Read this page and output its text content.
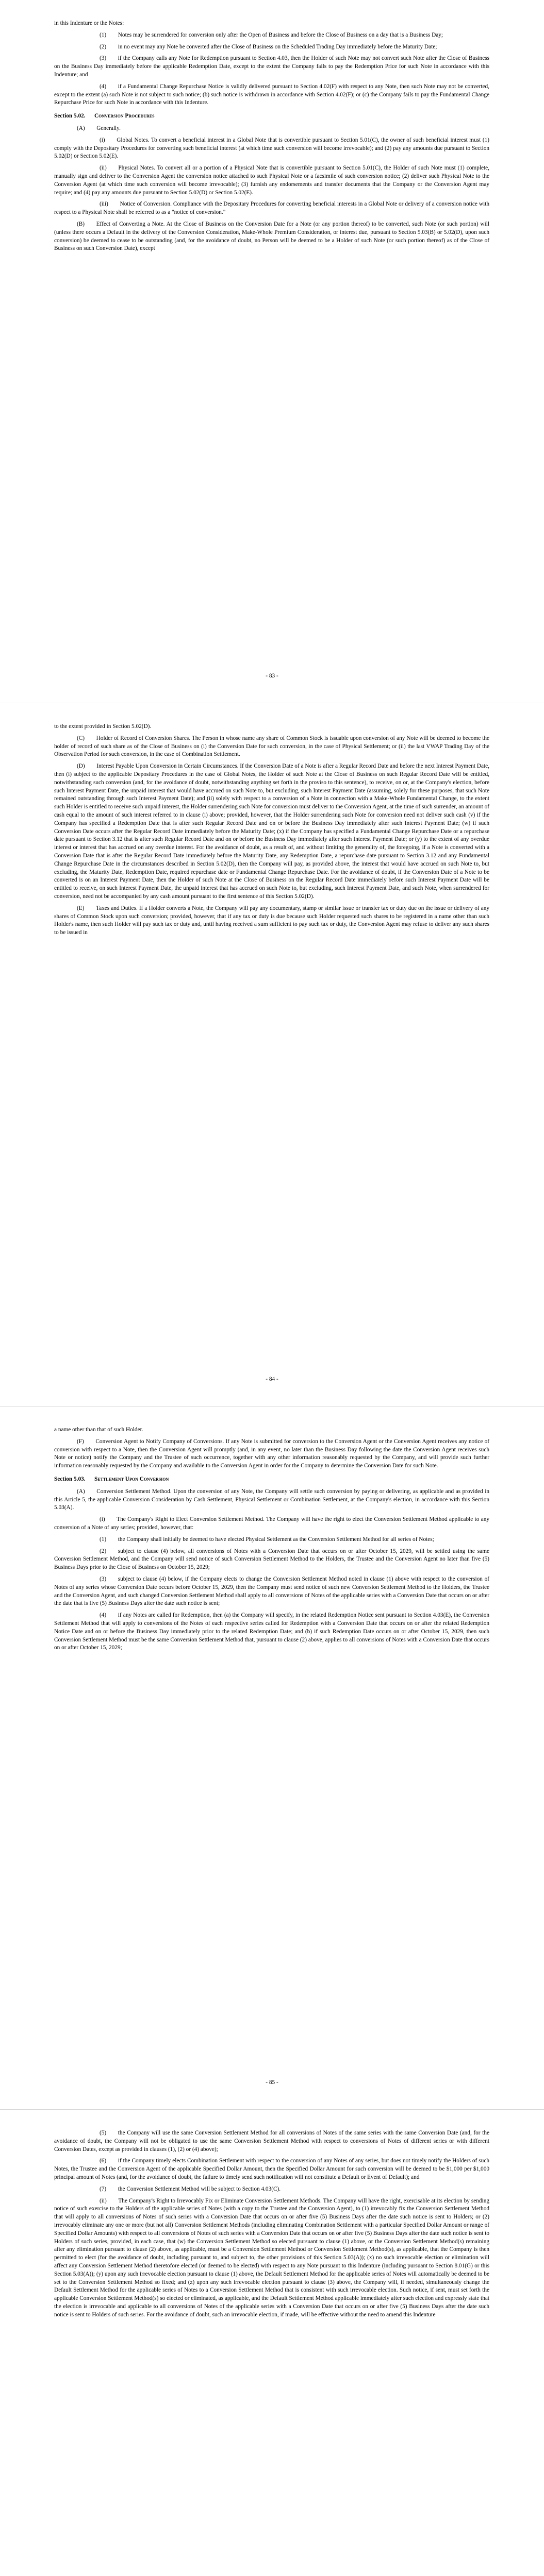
in this Indenture or the Notes:

(1)  Notes may be surrendered for conversion only after the Open of Business and before the Close of Business on a day that is a Business Day;

(2)  in no event may any Note be converted after the Close of Business on the Scheduled Trading Day immediately before the Maturity Date;

(3)  if the Company calls any Note for Redemption pursuant to Section 4.03, then the Holder of such Note may not convert such Note after the Close of Business on the Business Day immediately before the applicable Redemption Date, except to the extent the Company fails to pay the Redemption Price for such Note in accordance with this Indenture; and

(4)  if a Fundamental Change Repurchase Notice is validly delivered pursuant to Section 4.02(F) with respect to any Note, then such Note may not be converted, except to the extent (a) such Note is not subject to such notice; (b) such notice is withdrawn in accordance with Section 4.02(F); or (c) the Company fails to pay the Fundamental Change Repurchase Price for such Note in accordance with this Indenture.

Section 5.02. Conversion Procedures

(A)  Generally.

(i)  Global Notes. To convert a beneficial interest in a Global Note that is convertible pursuant to Section 5.01(C), the owner of such beneficial interest must (1) comply with the Depositary Procedures for converting such beneficial interest (at which time such conversion will become irrevocable); and (2) pay any amounts due pursuant to Section 5.02(D) or Section 5.02(E).

(ii)  Physical Notes. To convert all or a portion of a Physical Note that is convertible pursuant to Section 5.01(C), the Holder of such Note must (1) complete, manually sign and deliver to the Conversion Agent the conversion notice attached to such Physical Note or a facsimile of such conversion notice; (2) deliver such Physical Note to the Conversion Agent (at which time such conversion will become irrevocable); (3) furnish any endorsements and transfer documents that the Company or the Conversion Agent may require; and (4) pay any amounts due pursuant to Section 5.02(D) or Section 5.02(E).

(iii)  Notice of Conversion. Compliance with the Depositary Procedures for converting beneficial interests in a Global Note or delivery of a conversion notice with respect to a Physical Note shall be referred to as a "notice of conversion."

(B)  Effect of Converting a Note. At the Close of Business on the Conversion Date for a Note (or any portion thereof) to be converted, such Note (or such portion) will (unless there occurs a Default in the delivery of the Conversion Consideration, Make-Whole Premium Consideration, or interest due, pursuant to Section 5.03(B) or 5.02(D), upon such conversion) be deemed to cease to be outstanding (and, for the avoidance of doubt, no Person will be deemed to be a Holder of such Note (or such portion thereof) as of the Close of Business on such Conversion Date), except

- 83 -

to the extent provided in Section 5.02(D).

(C)  Holder of Record of Conversion Shares. The Person in whose name any share of Common Stock is issuable upon conversion of any Note will be deemed to become the holder of record of such share as of the Close of Business on (i) the Conversion Date for such conversion, in the case of Physical Settlement; or (ii) the last VWAP Trading Day of the Observation Period for such conversion, in the case of Combination Settlement.

(D)  Interest Payable Upon Conversion in Certain Circumstances. If the Conversion Date of a Note is after a Regular Record Date and before the next Interest Payment Date, then (i) subject to the applicable Depositary Procedures in the case of Global Notes, the Holder of such Note at the Close of Business on such Regular Record Date will be entitled, notwithstanding such conversion (and, for the avoidance of doubt, notwithstanding anything set forth in the proviso to this sentence), to receive, on or, at the Company's election, before such Interest Payment Date, the unpaid interest that would have accrued on such Note to, but excluding, such Interest Payment Date (assuming, solely for these purposes, that such Note remained outstanding through such Interest Payment Date); and (ii) solely with respect to a conversion of a Note in connection with a Make-Whole Fundamental Change, to the extent such Holder is entitled to receive such unpaid interest, the Holder surrendering such Note for conversion must deliver to the Conversion Agent, at the time of such surrender, an amount of cash equal to the amount of such interest referred to in clause (i) above; provided, however, that the Holder surrendering such Note for conversion need not deliver such cash (v) if the Company has specified a Redemption Date that is after such Regular Record Date and on or before the Business Day immediately after such Interest Payment Date; (w) if such Conversion Date occurs after the Regular Record Date immediately before the Maturity Date; (x) if the Company has specified a Fundamental Change Repurchase Date or a repurchase date pursuant to Section 3.12 that is after such Regular Record Date and on or before the Business Day immediately after such Interest Payment Date; or (y) to the extent of any overdue interest or interest that has accrued on any overdue interest. For the avoidance of doubt, as a result of, and without limiting the generality of, the foregoing, if a Note is converted with a Conversion Date that is after the Regular Record Date immediately before the Maturity Date, any Redemption Date, a repurchase date pursuant to Section 3.12 and any Fundamental Change Repurchase Date in the circumstances described in Section 5.02(D), then the Company will pay, as provided above, the interest that would have accrued on such Note to, but excluding, the Maturity Date, Redemption Date, required repurchase date or Fundamental Change Repurchase Date. For the avoidance of doubt, if the Conversion Date of a Note to be converted is on an Interest Payment Date, then the Holder of such Note at the Close of Business on the Regular Record Date immediately before such Interest Payment Date will be entitled to receive, on such Interest Payment Date, the unpaid interest that has accrued on such Note to, but excluding, such Interest Payment Date, and such Note, when surrendered for conversion, need not be accompanied by any cash amount pursuant to the first sentence of this Section 5.02(D).

(E)  Taxes and Duties. If a Holder converts a Note, the Company will pay any documentary, stamp or similar issue or transfer tax or duty due on the issue or delivery of any shares of Common Stock upon such conversion; provided, however, that if any tax or duty is due because such Holder requested such shares to be registered in a name other than such Holder's name, then such Holder will pay such tax or duty and, until having received a sum sufficient to pay such tax or duty, the Conversion Agent may refuse to deliver any such shares to be issued in

- 84 -

a name other than that of such Holder.

(F)  Conversion Agent to Notify Company of Conversions. If any Note is submitted for conversion to the Conversion Agent or the Conversion Agent receives any notice of conversion with respect to a Note, then the Conversion Agent will promptly (and, in any event, no later than the Business Day following the date the Conversion Agent receives such Note or notice) notify the Company and the Trustee of such occurrence, together with any other information reasonably requested by the Company, and will provide such further information reasonably requested by the Company and available to the Conversion Agent in order for the Company to determine the Conversion Date for such Note.

Section 5.03. Settlement Upon Conversion

(A)  Conversion Settlement Method. Upon the conversion of any Note, the Company will settle such conversion by paying or delivering, as applicable and as provided in this Article 5, the applicable Conversion Consideration by Cash Settlement, Physical Settlement or Combination Settlement, at the Company's election, in accordance with this Section 5.03(A).

(i)  The Company's Right to Elect Conversion Settlement Method. The Company will have the right to elect the Conversion Settlement Method applicable to any conversion of a Note of any series; provided, however, that:

(1)  the Company shall initially be deemed to have elected Physical Settlement as the Conversion Settlement Method for all series of Notes;

(2)  subject to clause (4) below, all conversions of Notes with a Conversion Date that occurs on or after October 15, 2029, will be settled using the same Conversion Settlement Method, and the Company will send notice of such Conversion Settlement Method to the Holders, the Trustee and the Conversion Agent no later than five (5) Business Days prior to the Close of Business on October 15, 2029;

(3)  subject to clause (4) below, if the Company elects to change the Conversion Settlement Method noted in clause (1) above with respect to the conversion of Notes of any series whose Conversion Date occurs before October 15, 2029, then the Company must send notice of such new Conversion Settlement Method to the Holders, the Trustee and the Conversion Agent, and such changed Conversion Settlement Method shall apply to all conversions of Notes of the applicable series with a Conversion Date that occurs on or after the date that is five (5) Business Days after the date such notice is sent;

(4)  if any Notes are called for Redemption, then (a) the Company will specify, in the related Redemption Notice sent pursuant to Section 4.03(E), the Conversion Settlement Method that will apply to conversions of the Notes of each respective series called for Redemption with a Conversion Date that occurs on or after the related Redemption Notice Date and on or before the Business Day immediately prior to the related Redemption Date; and (b) if such Redemption Date occurs on or after October 15, 2029, then such Conversion Settlement Method must be the same Conversion Settlement Method that, pursuant to clause (2) above, applies to all conversions of Notes with a Conversion Date that occurs on or after October 15, 2029;

- 85 -

(5)  the Company will use the same Conversion Settlement Method for all conversions of Notes of the same series with the same Conversion Date (and, for the avoidance of doubt, the Company will not be obligated to use the same Conversion Settlement Method with respect to conversions of Notes of different series or with different Conversion Dates, except as provided in clauses (1), (2) or (4) above);

(6)  if the Company timely elects Combination Settlement with respect to the conversion of any Notes of any series, but does not timely notify the Holders of such Notes, the Trustee and the Conversion Agent of the applicable Specified Dollar Amount, then the Specified Dollar Amount for such conversion will be deemed to be $1,000 per $1,000 principal amount of Notes (and, for the avoidance of doubt, the failure to timely send such notification will not constitute a Default or Event of Default); and

(7)  the Conversion Settlement Method will be subject to Section 4.03(C).

(ii)  The Company's Right to Irrevocably Fix or Eliminate Conversion Settlement Methods. The Company will have the right, exercisable at its election by sending notice of such exercise to the Holders of the applicable series of Notes (with a copy to the Trustee and the Conversion Agent), to (1) irrevocably fix the Conversion Settlement Method that will apply to all conversions of Notes of such series with a Conversion Date that occurs on or after five (5) Business Days after the date such notice is sent to Holders; or (2) irrevocably eliminate any one or more (but not all) Conversion Settlement Methods (including eliminating Combination Settlement with a particular Specified Dollar Amount or range of Specified Dollar Amounts) with respect to all conversions of Notes of such series with a Conversion Date that occurs on or after five (5) Business Days after the date such notice is sent to Holders of such series, provided, in each case, that (w) the Conversion Settlement Method so elected pursuant to clause (1) above, or the Conversion Settlement Method(s) remaining after any elimination pursuant to clause (2) above, as applicable, must be a Conversion Settlement Method or Conversion Settlement Method(s), as applicable, that the Company is then permitted to elect (for the avoidance of doubt, including pursuant to, and subject to, the other provisions of this Section 5.03(A)); (x) no such irrevocable election or elimination will affect any Conversion Settlement Method theretofore elected (or deemed to be elected) with respect to any Note pursuant to this Indenture (including pursuant to Section 8.01(G) or this Section 5.03(A)); (y) upon any such irrevocable election pursuant to clause (1) above, the Default Settlement Method for the applicable series of Notes will automatically be deemed to be set to the Conversion Settlement Method so fixed; and (z) upon any such irrevocable election pursuant to clause (3) above, the Company will, if needed, simultaneously change the Default Settlement Method for the applicable series of Notes to a Conversion Settlement Method that is consistent with such irrevocable election. Such notice, if sent, must set forth the applicable Conversion Settlement Method(s) so elected or eliminated, as applicable, and the Default Settlement Method applicable immediately after such election and expressly state that the election is irrevocable and applicable to all conversions of Notes of the applicable series with a Conversion Date that occurs on or after five (5) Business Days after the date such notice is sent to Holders of such series. For the avoidance of doubt, such an irrevocable election, if made, will be effective without the need to amend this Indenture
